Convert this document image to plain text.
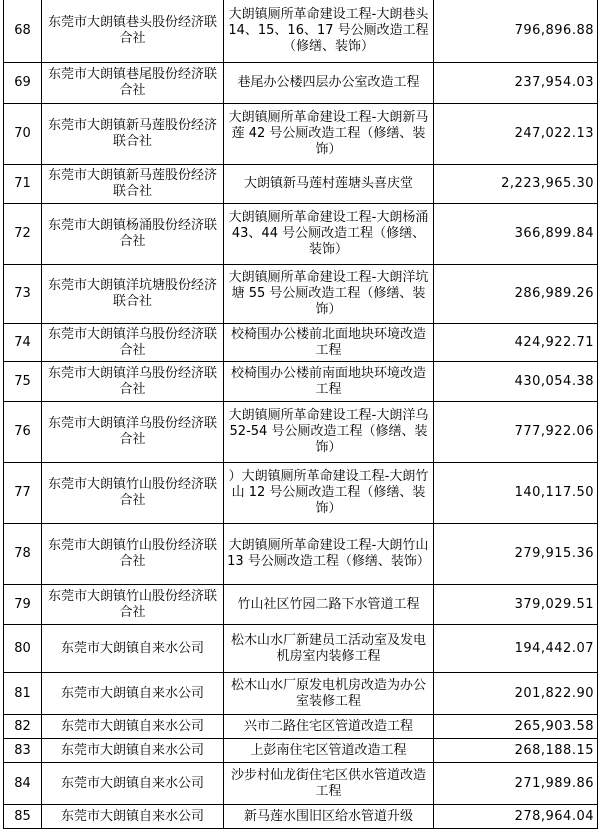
68	东莞市大朗镇巷头股份经济联合社	大朗镇厕所革命建设工程-大朗巷头 14、15、16、17 号公厕改造工程（修缮、装饰）	796,896.88
69	东莞市大朗镇巷尾股份经济联合社	巷尾办公楼四层办公室改造工程	237,954.03
70	东莞市大朗镇新马莲股份经济联合社	大朗镇厕所革命建设工程-大朗新马莲 42 号公厕改造工程（修缮、装饰）	247,022.13
71	东莞市大朗镇新马莲股份经济联合社	大朗镇新马莲村莲塘头喜庆堂	2,223,965.30
72	东莞市大朗镇杨涌股份经济联合社	大朗镇厕所革命建设工程-大朗杨涌 43、44 号公厕改造工程（修缮、装饰）	366,899.84
73	东莞市大朗镇洋坑塘股份经济联合社	大朗镇厕所革命建设工程-大朗洋坑塘 55 号公厕改造工程（修缮、装饰）	286,989.26
74	东莞市大朗镇洋乌股份经济联合社	校椅围办公楼前北面地块环境改造工程	424,922.71
75	东莞市大朗镇洋乌股份经济联合社	校椅围办公楼前南面地块环境改造工程	430,054.38
76	东莞市大朗镇洋乌股份经济联合社	大朗镇厕所革命建设工程-大朗洋乌 52-54 号公厕改造工程（修缮、装饰）	777,922.06
77	东莞市大朗镇竹山股份经济联合社	）大朗镇厕所革命建设工程-大朗竹山 12 号公厕改造工程（修缮、装饰）	140,117.50
78	东莞市大朗镇竹山股份经济联合社	大朗镇厕所革命建设工程-大朗竹山 13 号公厕改造工程（修缮、装饰）	279,915.36
79	东莞市大朗镇竹山股份经济联合社	竹山社区竹园二路下水管道工程	379,029.51
80	东莞市大朗镇自来水公司	松木山水厂新建员工活动室及发电机房室内装修工程	194,442.07
81	东莞市大朗镇自来水公司	松木山水厂原发电机房改造为办公室装修工程	201,822.90
82	东莞市大朗镇自来水公司	兴市二路住宅区管道改造工程	265,903.58
83	东莞市大朗镇自来水公司	上彭南住宅区管道改造工程	268,188.15
84	东莞市大朗镇自来水公司	沙步村仙龙街住宅区供水管道改造工程	271,989.86
85	东莞市大朗镇自来水公司	新马莲水围旧区给水管道升级	278,964.04
